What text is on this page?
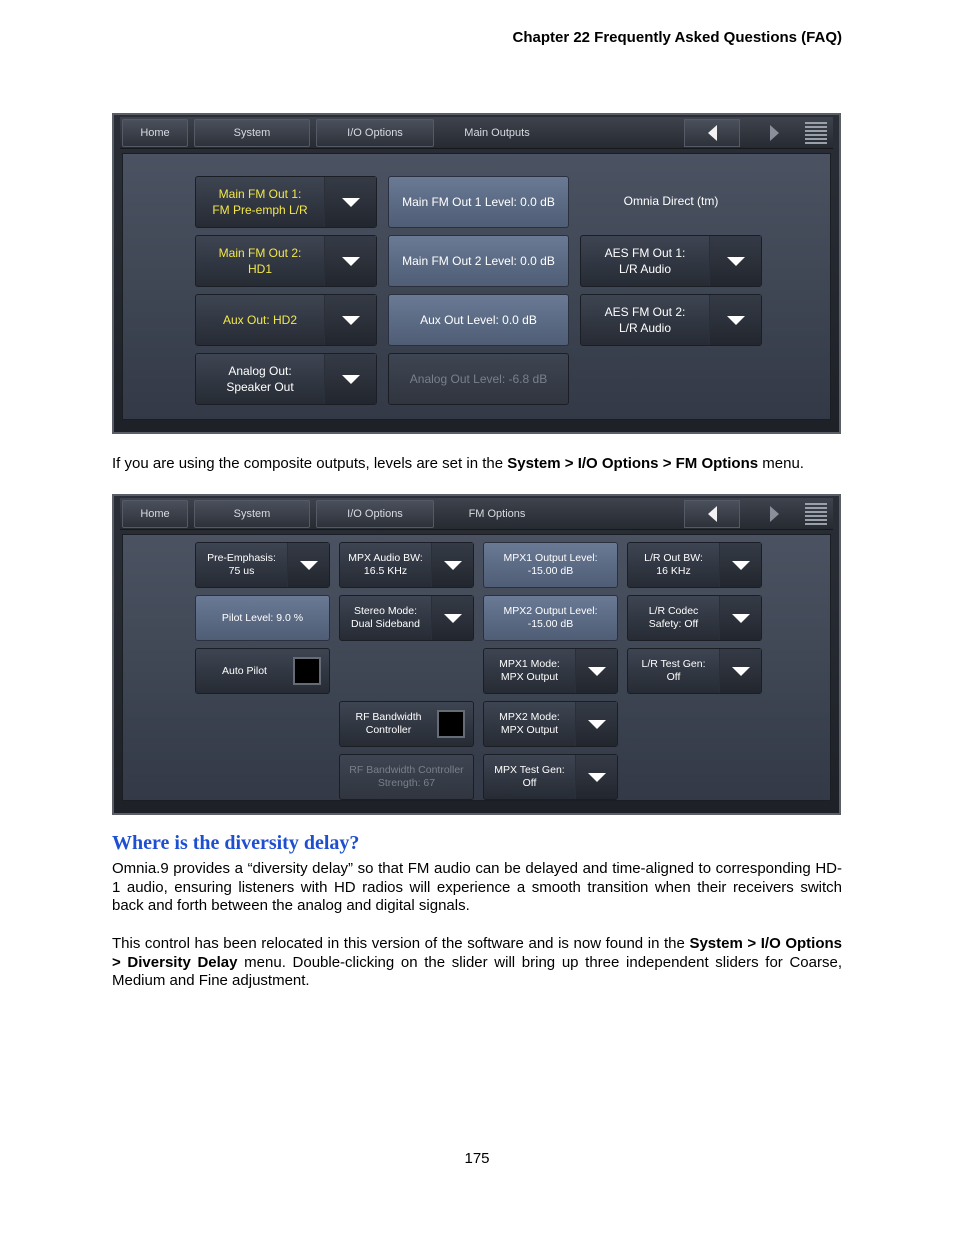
Chapter 22 Frequently Asked Questions (FAQ)
Home	System	I/O Options	Main Outputs
Main FM Out 1:
FM Pre-emph L/R
Main FM Out 1 Level: 0.0 dB	Omnia Direct (tm)
Main FM Out 2:
HD1
Main FM Out 2 Level: 0.0 dB
AES FM Out 1:
L/R Audio
Aux Out: HD2	Aux Out Level: 0.0 dB
AES FM Out 2:
L/R Audio
Analog Out:
Speaker Out
Analog Out Level: -6.8 dB
If you are using the composite outputs, levels are set in the System > I/O Options > FM Options menu.
Home	System	I/O Options	FM Options
Pre-Emphasis:
75 us
MPX Audio BW:
16.5 KHz
MPX1 Output Level:
-15.00 dB
L/R Out BW:
16 KHz
Pilot Level: 9.0 %
Stereo Mode:
Dual Sideband
MPX2 Output Level:
-15.00 dB
L/R Codec
Safety: Off
Auto Pilot
MPX1 Mode:
MPX Output
L/R Test Gen:
Off
RF Bandwidth
Controller
MPX2 Mode:
MPX Output
RF Bandwidth Controller
Strength: 67
MPX Test Gen:
Off
Where is the diversity delay?
Omnia.9 provides a “diversity delay” so that FM audio can be delayed and time-aligned to corresponding HD-1 audio, ensuring listeners with HD radios will experience a smooth transition when their receivers switch back and forth between the analog and digital signals.
This control has been relocated in this version of the software and is now found in the System > I/O Options > Diversity Delay menu. Double-clicking on the slider will bring up three independent sliders for Coarse, Medium and Fine adjustment.
175
